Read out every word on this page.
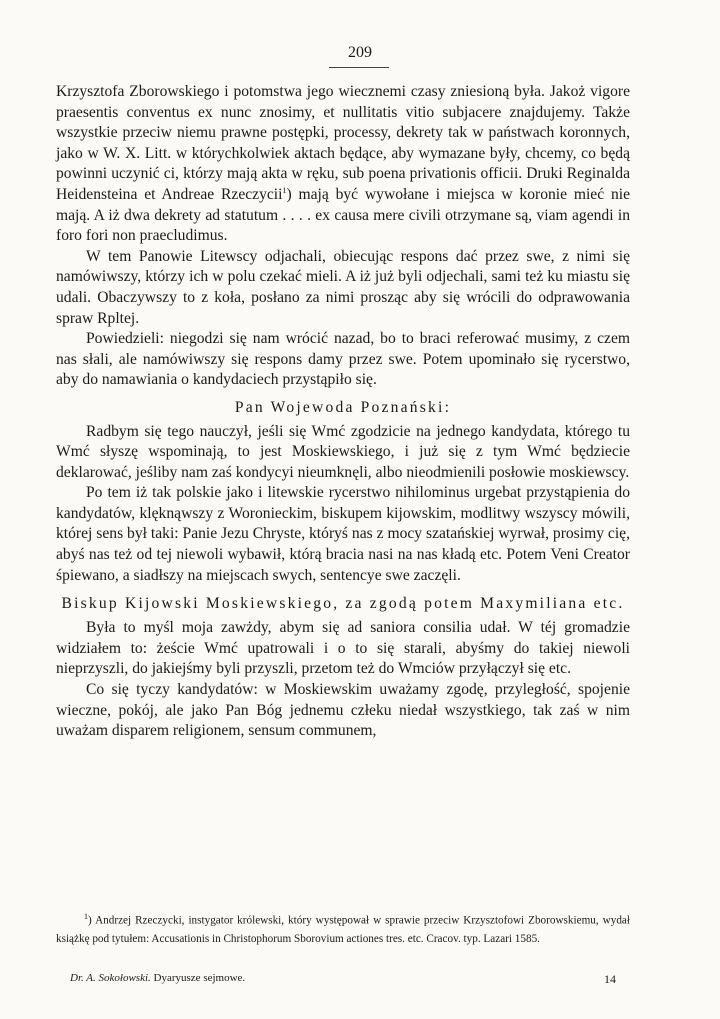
209

Krzysztofa Zborowskiego i potomstwa jego wiecznemi czasy zniesioną była. Jakoż vigore praesentis conventus ex nunc znosimy, et nullitatis vitio subjacere znajdujemy. Także wszystkie przeciw niemu prawne postępki, processy, dekrety tak w państwach koronnych, jako w W. X. Litt. w którychkolwiek aktach będące, aby wymazane były, chcemy, co będą powinni uczynić ci, którzy mają akta w ręku, sub poena privationis officii. Druki Reginalda Heidensteina et Andreae Rzeczycii$^1$) mają być wywołane i miejsca w koronie mieć nie mają. A iż dwa dekrety ad statutum . . . . ex causa mere civili otrzymane są, viam agendi in foro fori non praecludimus.

W tem Panowie Litewscy odjachali, obiecując respons dać przez swe, z nimi się namówiwszy, którzy ich w polu czekać mieli. A iż już byli odjechali, sami też ku miastu się udali. Obaczywszy to z koła, posłano za nimi prosząc aby się wrócili do odprawowania spraw Rpltej.

Powiedzieli: niegodzi się nam wrócić nazad, bo to braci referować musimy, z czem nas słali, ale namówiwszy się respons damy przez swe. Potem upominało się rycerstwo, aby do namawiania o kandydaciech przystąpiło się.

Pan Wojewoda Poznański:

Radbym się tego nauczył, jeśli się Wmć zgodzicie na jednego kandydata, którego tu Wmć słyszę wspominają, to jest Moskiewskiego, i już się z tym Wmć będziecie deklarować, jeśliby nam zaś kondycyi nieumknęli, albo nieodmienili posłowie moskiewscy.

Po tem iż tak polskie jako i litewskie rycerstwo nihilominus urgebat przystąpienia do kandydatów, klęknąwszy z Woronieckim, biskupem kijowskim, modlitwy wszyscy mówili, której sens był taki: Panie Jezu Chryste, któryś nas z mocy szatańskiej wyrwał, prosimy cię, abyś nas też od tej niewoli wybawił, którą bracia nasi na nas kładą etc. Potem Veni Creator śpiewano, a siadłszy na miejscach swych, sentencye swe zaczęli.

Biskup Kijowski Moskiewskiego, za zgodą potem Maxymiliana etc.

Była to myśl moja zawżdy, abym się ad saniora consilia udał. W téj gromadzie widziałem to: żeście Wmć upatrowali i o to się starali, abyśmy do takiej niewoli nieprzyszli, do jakiejśmy byli przyszli, przetom też do Wmciów przyłączył się etc.

Co się tyczy kandydatów: w Moskiewskim uważamy zgodę, przyległość, spojenie wieczne, pokój, ale jako Pan Bóg jednemu człeku niedał wszystkiego, tak zaś w nim uważam disparem religionem, sensum communem,

$^1$) Andrzej Rzeczycki, instygator królewski, który występował w sprawie przeciw Krzysztofowi Zborowskiemu, wydał książkę pod tytułem: Accusationis in Christophorum Sborovium actiones tres. etc. Cracov. typ. Lazari 1585.

Dr. A. Sokołowski. Dyaryusze sejmowe.	14
